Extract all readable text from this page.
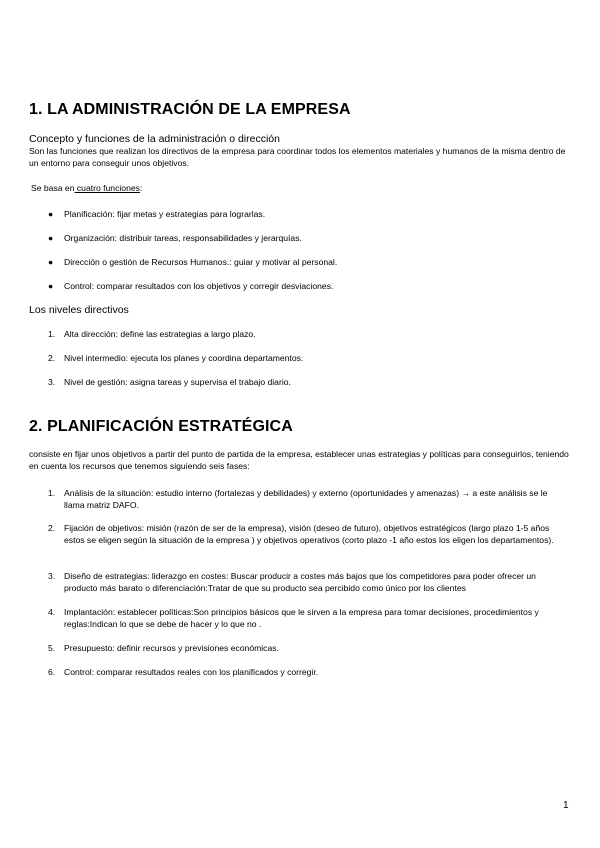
1. LA ADMINISTRACIÓN DE LA EMPRESA

Concepto y funciones de la administración o dirección

Son las funciones que realizan los directivos de la empresa para coordinar todos los elementos materiales y humanos de la misma dentro de un entorno para conseguir unos objetivos.

Se basa en cuatro funciones:

●	Planificación: fijar metas y estrategias para lograrlas.
●	Organización: distribuir tareas, responsabilidades y jerarquías.
●	Dirección o gestión de Recursos Humanos.: guiar y motivar al personal.
●	Control: comparar resultados con los objetivos y corregir desviaciones.

Los niveles directivos

1.	Alta dirección: define las estrategias a largo plazo.
2.	Nivel intermedio: ejecuta los planes y coordina departamentos.
3.	Nivel de gestión: asigna tareas y supervisa el trabajo diario.
2. PLANIFICACIÓN ESTRATÉGICA

consiste en fijar unos objetivos a partir del punto de partida de la empresa, establecer unas estrategias y políticas para conseguirlos, teniendo en cuenta los recursos que tenemos siguiendo seis fases:

1.	Análisis de la situación: estudio interno (fortalezas y debilidades) y externo (oportunidades y amenazas) → a este análisis se le llama matriz DAFO.
2.	Fijación de objetivos: misión (razón de ser de la empresa), visión (deseo de futuro), objetivos estratégicos (largo plazo 1-5 años estos se eligen según la situación de la empresa ) y objetivos operativos (corto plazo -1 año estos los eligen los departamentos).
3.	Diseño de estrategias: liderazgo en costes: Buscar producir a costes más bajos que los competidores para poder ofrecer un producto más barato o diferenciación:Tratar de que su producto sea percibido como único por los clientes
4.	Implantación: establecer políticas:Son principios básicos que le sirven a la empresa para tomar decisiones, procedimientos y reglas:Indican lo que se debe de hacer y lo que no .
5.	Presupuesto: definir recursos y previsiones económicas.
6.	Control: comparar resultados reales con los planificados y corregir.
1
